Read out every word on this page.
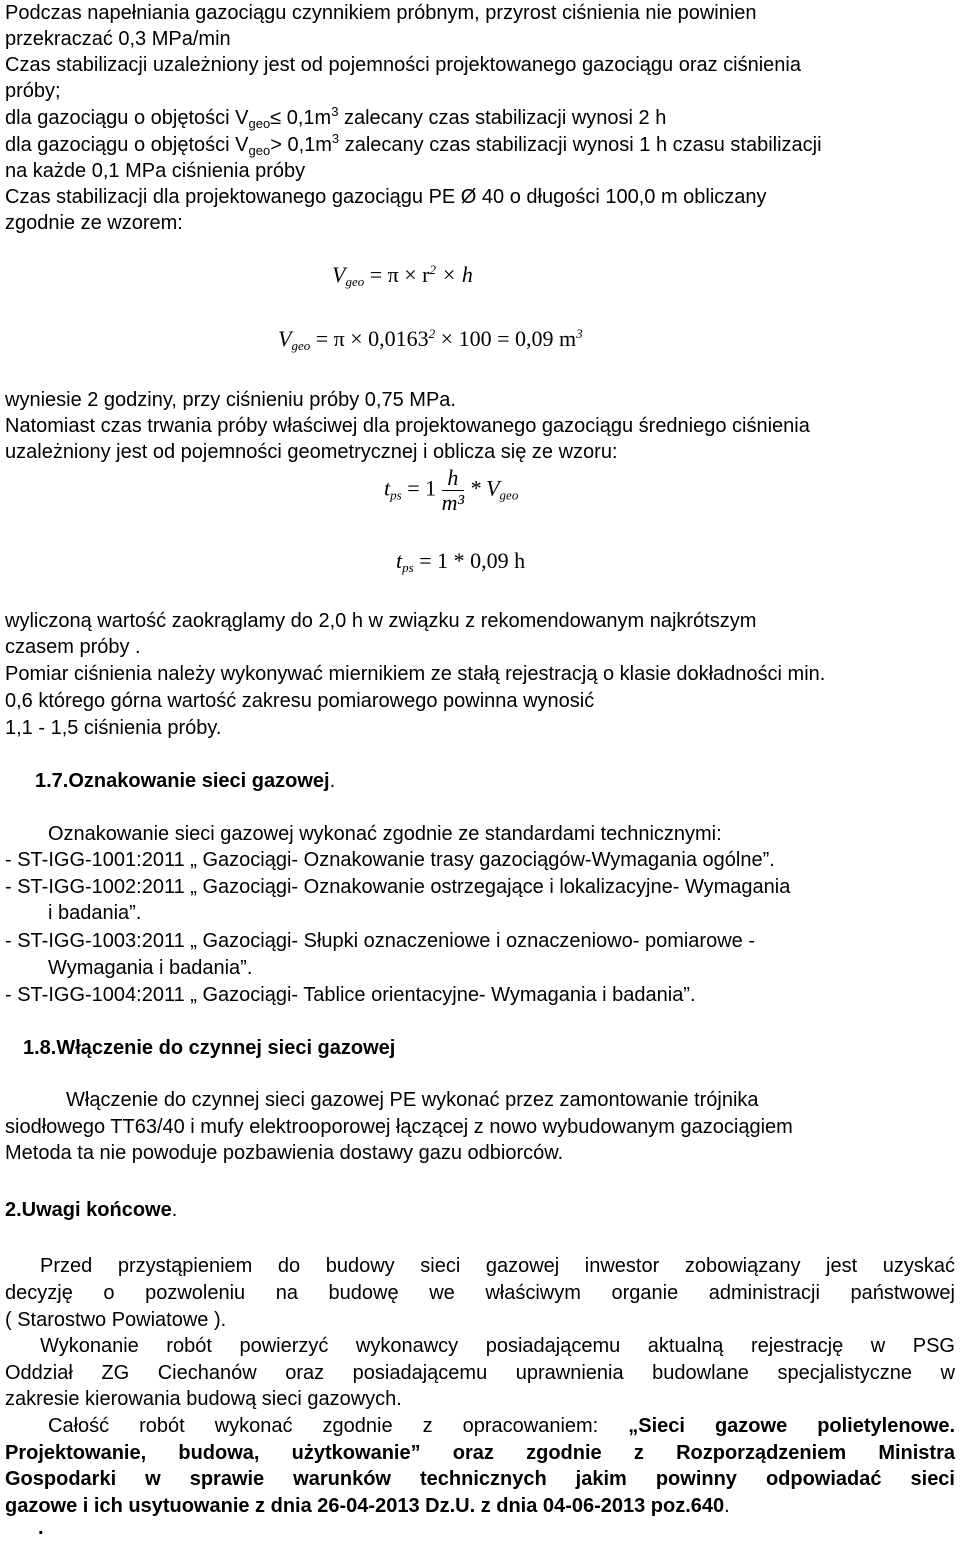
Podczas napełniania gazociągu czynnikiem próbnym, przyrost ciśnienia nie powinien
przekraczać 0,3 MPa/min
Czas stabilizacji uzależniony jest od pojemności projektowanego gazociągu oraz ciśnienia
próby;
dla gazociągu o objętości $V_{geo}\le 0,1m^3$ zalecany czas stabilizacji wynosi 2 h
dla gazociągu o objętości $V_{geo}> 0,1m^3$ zalecany czas stabilizacji wynosi 1 h czasu stabilizacji
na każde 0,1 MPa ciśnienia próby
Czas stabilizacji dla projektowanego gazociągu PE Ø 40 o długości 100,0 m obliczany
zgodnie ze wzorem:
$V_{geo} = \pi \times r^2 \times h$
$V_{geo} = \pi \times 0,0163^2 \times 100 = 0,09$ $m^3$
wyniesie 2 godziny, przy ciśnieniu próby 0,75 MPa.
Natomiast czas trwania próby właściwej dla projektowanego gazociągu średniego ciśnienia
uzależniony jest od pojemności geometrycznej i oblicza się ze wzoru:
$t_{ps} = 1 \frac{h}{\text{m³}} * V_{geo}$
$t_{ps} = 1 * 0,09$ h
wyliczoną wartość zaokrąglamy do 2,0 h w związku z rekomendowanym najkrótszym
czasem próby .
Pomiar ciśnienia należy wykonywać miernikiem ze stałą rejestracją o klasie dokładności min.
0,6 którego górna wartość zakresu pomiarowego powinna wynosić
1,1 - 1,5 ciśnienia próby.
1.7.Oznakowanie sieci gazowej.
Oznakowanie sieci gazowej wykonać zgodnie ze standardami technicznymi:
- ST-IGG-1001:2011 „ Gazociągi- Oznakowanie trasy gazociągów-Wymagania ogólne”.
- ST-IGG-1002:2011 „ Gazociągi- Oznakowanie ostrzegające i lokalizacyjne- Wymagania
i badania”.
- ST-IGG-1003:2011 „ Gazociągi- Słupki oznaczeniowe i oznaczeniowo- pomiarowe -
Wymagania i badania”.
- ST-IGG-1004:2011 „ Gazociągi- Tablice orientacyjne- Wymagania i badania”.
1.8.Włączenie do czynnej sieci gazowej
Włączenie do czynnej sieci gazowej PE wykonać przez zamontowanie trójnika
siodłowego TT63/40 i mufy elektrooporowej łączącej z nowo wybudowanym gazociągiem
Metoda ta nie powoduje pozbawienia dostawy gazu odbiorców.
2.Uwagi końcowe.
Przed przystąpieniem do budowy sieci gazowej inwestor zobowiązany jest uzyskać
decyzję o pozwoleniu na budowę we właściwym organie administracji państwowej
( Starostwo Powiatowe ).
Wykonanie robót powierzyć wykonawcy posiadającemu aktualną rejestrację w PSG
Oddział ZG Ciechanów oraz posiadającemu uprawnienia budowlane specjalistyczne w
zakresie kierowania budową sieci gazowych.
Całość robót wykonać zgodnie z opracowaniem: „Sieci gazowe polietylenowe.
Projektowanie, budowa, użytkowanie” oraz zgodnie z Rozporządzeniem Ministra
Gospodarki w sprawie warunków technicznych jakim powinny odpowiadać sieci
gazowe i ich usytuowanie z dnia 26-04-2013 Dz.U. z dnia 04-06-2013 poz.640.
.
